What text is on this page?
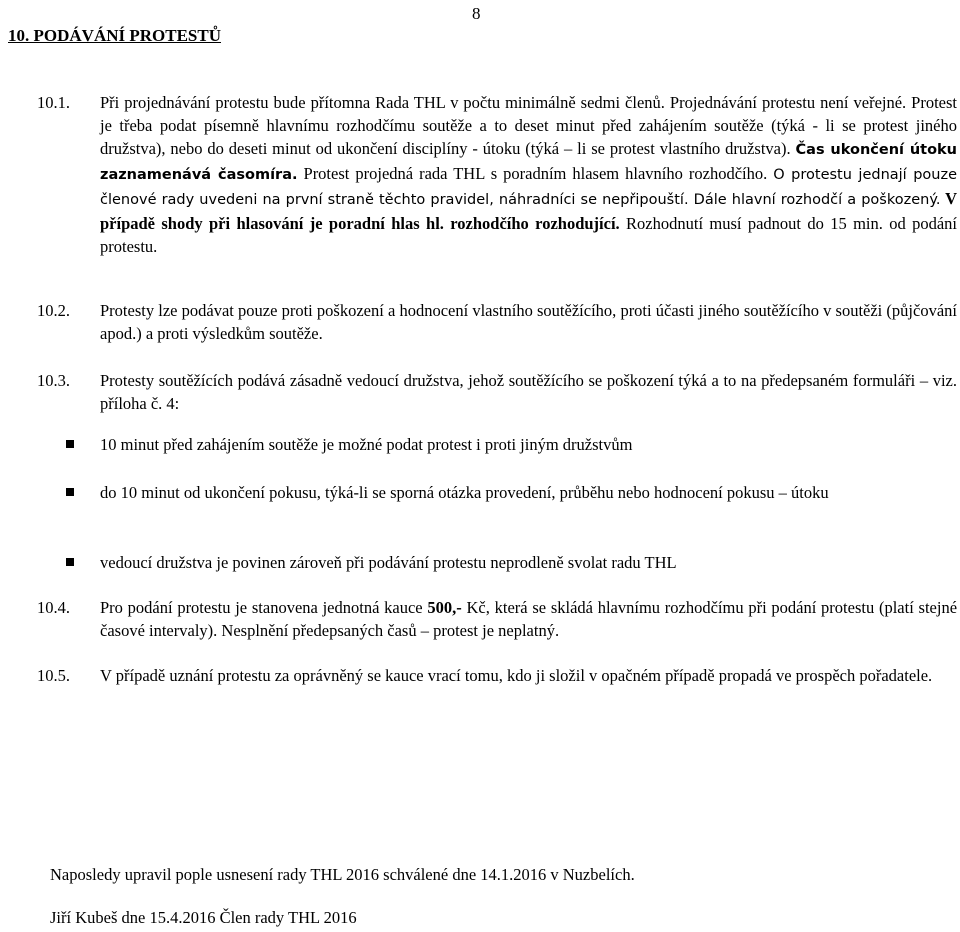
8
10. PODÁVÁNÍ PROTESTŮ
10.1. Při projednávání protestu bude přítomna Rada THL v počtu minimálně sedmi členů. Projednávání protestu není veřejné. Protest je třeba podat písemně hlavnímu rozhodčímu soutěže a to deset minut před zahájením soutěže (týká - li se protest jiného družstva), nebo do deseti minut od ukončení disciplíny - útoku (týká – li se protest vlastního družstva). Čas ukončení útoku zaznamenává časomíra. Protest projedná rada THL s poradním hlasem hlavního rozhodčího. O protestu jednají pouze členové rady uvedeni na první straně těchto pravidel, náhradníci se nepřipouští. Dále hlavní rozhodčí a poškozený. V případě shody při hlasování je poradní hlas hl. rozhodčího rozhodující. Rozhodnutí musí padnout do 15 min. od podání protestu.
10.2. Protesty lze podávat pouze proti poškození a hodnocení vlastního soutěžícího, proti účasti jiného soutěžícího v soutěži (půjčování apod.) a proti výsledkům soutěže.
10.3. Protesty soutěžících podává zásadně vedoucí družstva, jehož soutěžícího se poškození týká a to na předepsaném formuláři – viz. příloha č. 4:
10 minut před zahájením soutěže je možné podat protest i proti jiným družstvům
do 10 minut od ukončení pokusu, týká-li se sporná otázka provedení, průběhu nebo hodnocení pokusu – útoku
vedoucí družstva je povinen zároveň při podávání protestu neprodleně svolat radu THL
10.4. Pro podání protestu je stanovena jednotná kauce 500,- Kč, která se skládá hlavnímu rozhodčímu při podání protestu (platí stejné časové intervaly). Nesplnění předepsaných časů – protest je neplatný.
10.5. V případě uznání protestu za oprávněný se kauce vrací tomu, kdo ji složil v opačném případě propadá ve prospěch pořadatele.
Naposledy upravil pople usnesení rady THL 2016 schválené dne 14.1.2016 v Nuzbelích.
Jiří Kubeš dne 15.4.2016 Člen rady THL 2016
